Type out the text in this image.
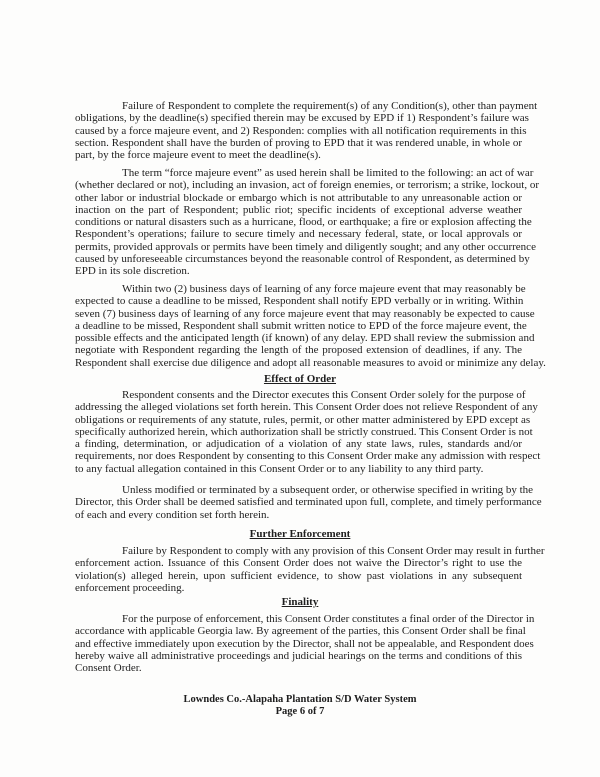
Failure of Respondent to complete the requirement(s) of any Condition(s), other than payment
obligations, by the deadline(s) specified therein may be excused by EPD if 1) Respondent’s failure was
caused by a force majeure event, and 2) Responden: complies with all notification requirements in this
section. Respondent shall have the burden of proving to EPD that it was rendered unable, in whole or
part, by the force majeure event to meet the deadline(s).
The term “force majeure event” as used herein shall be limited to the following: an act of war
(whether declared or not), including an invasion, act of foreign enemies, or terrorism; a strike, lockout, or
other labor or industrial blockade or embargo which is not attributable to any unreasonable action or
inaction on the part of Respondent; public riot; specific incidents of exceptional adverse weather
conditions or natural disasters such as a hurricane, flood, or earthquake; a fire or explosion affecting the
Respondent’s operations; failure to secure timely and necessary federal, state, or local approvals or
permits, provided approvals or permits have been timely and diligently sought; and any other occurrence
caused by unforeseeable circumstances beyond the reasonable control of Respondent, as determined by
EPD in its sole discretion.
Within two (2) business days of learning of any force majeure event that may reasonably be
expected to cause a deadline to be missed, Respondent shall notify EPD verbally or in writing. Within
seven (7) business days of learning of any force majeure event that may reasonably be expected to cause
a deadline to be missed, Respondent shall submit written notice to EPD of the force majeure event, the
possible effects and the anticipated length (if known) of any delay. EPD shall review the submission and
negotiate with Respondent regarding the length of the proposed extension of deadlines, if any. The
Respondent shall exercise due diligence and adopt all reasonable measures to avoid or minimize any delay.
Effect of Order
Respondent consents and the Director executes this Consent Order solely for the purpose of
addressing the alleged violations set forth herein. This Consent Order does not relieve Respondent of any
obligations or requirements of any statute, rules, permit, or other matter administered by EPD except as
specifically authorized herein, which authorization shall be strictly construed. This Consent Order is not
a finding, determination, or adjudication of a violation of any state laws, rules, standards and/or
requirements, nor does Respondent by consenting to this Consent Order make any admission with respect
to any factual allegation contained in this Consent Order or to any liability to any third party.
Unless modified or terminated by a subsequent order, or otherwise specified in writing by the
Director, this Order shall be deemed satisfied and terminated upon full, complete, and timely performance
of each and every condition set forth herein.
Further Enforcement
Failure by Respondent to comply with any provision of this Consent Order may result in further
enforcement action. Issuance of this Consent Order does not waive the Director’s right to use the
violation(s) alleged herein, upon sufficient evidence, to show past violations in any subsequent
enforcement proceeding.
Finality
For the purpose of enforcement, this Consent Order constitutes a final order of the Director in
accordance with applicable Georgia law. By agreement of the parties, this Consent Order shall be final
and effective immediately upon execution by the Director, shall not be appealable, and Respondent does
hereby waive all administrative proceedings and judicial hearings on the terms and conditions of this
Consent Order.
Lowndes Co.-Alapaha Plantation S/D Water System
Page 6 of 7
